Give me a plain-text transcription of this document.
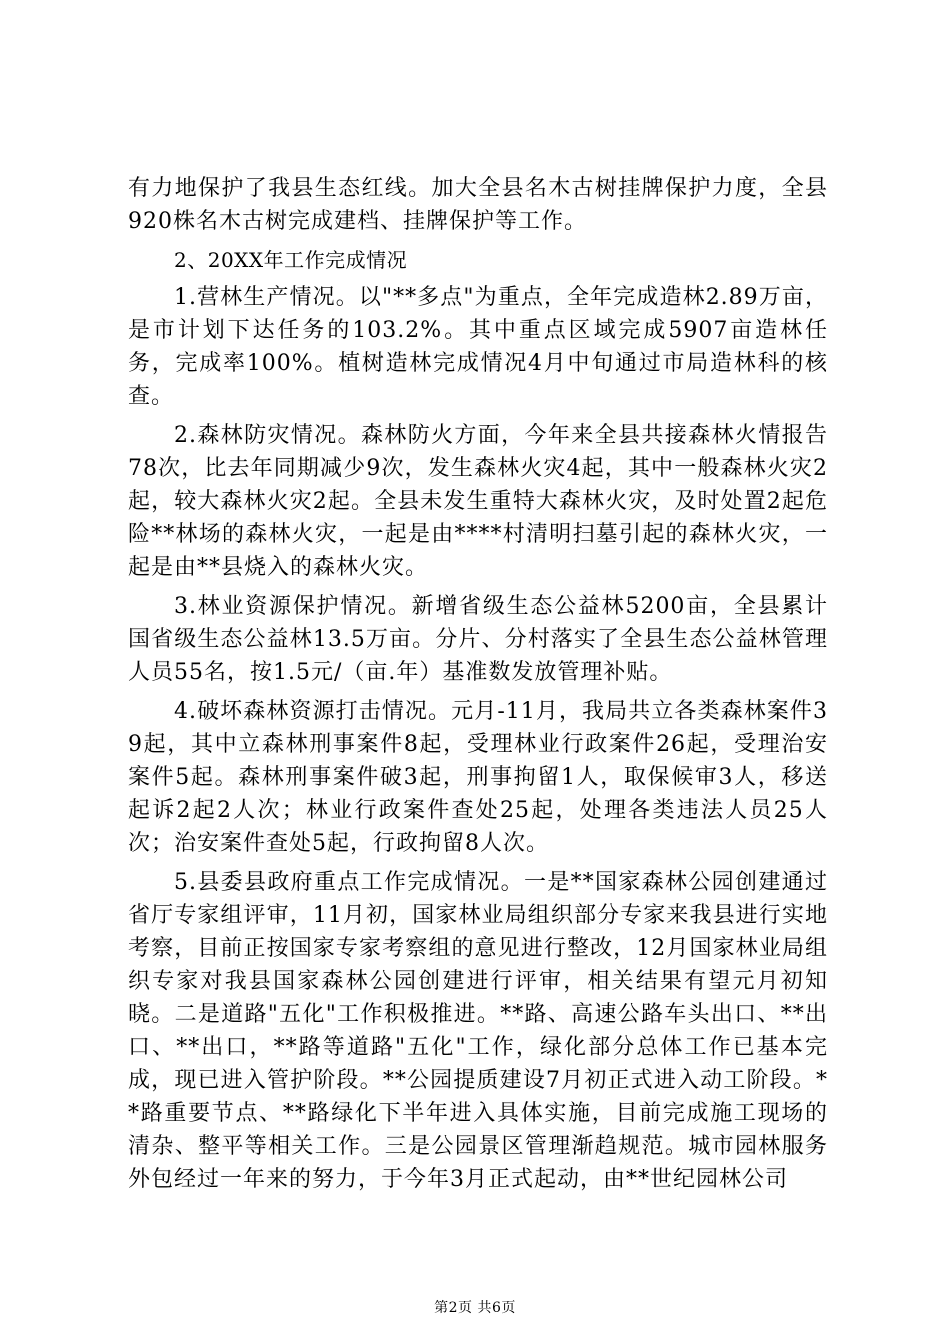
有力地保护了我县生态红线。加大全县名木古树挂牌保护力度，全县920株名木古树完成建档、挂牌保护等工作。

2、20XX年工作完成情况

1.营林生产情况。以"**多点"为重点，全年完成造林2.89万亩，是市计划下达任务的103.2%。其中重点区域完成5907亩造林任务，完成率100%。植树造林完成情况4月中旬通过市局造林科的核查。

2.森林防灾情况。森林防火方面，今年来全县共接森林火情报告78次，比去年同期减少9次，发生森林火灾4起，其中一般森林火灾2起，较大森林火灾2起。全县未发生重特大森林火灾，及时处置2起危险**林场的森林火灾，一起是由****村清明扫墓引起的森林火灾，一起是由**县烧入的森林火灾。

3.林业资源保护情况。新增省级生态公益林5200亩，全县累计国省级生态公益林13.5万亩。分片、分村落实了全县生态公益林管理人员55名，按1.5元/（亩.年）基准数发放管理补贴。

4.破坏森林资源打击情况。元月-11月，我局共立各类森林案件39起，其中立森林刑事案件8起，受理林业行政案件26起，受理治安案件5起。森林刑事案件破3起，刑事拘留1人，取保候审3人，移送起诉2起2人次；林业行政案件查处25起，处理各类违法人员25人次；治安案件查处5起，行政拘留8人次。

5.县委县政府重点工作完成情况。一是**国家森林公园创建通过省厅专家组评审，11月初，国家林业局组织部分专家来我县进行实地考察，目前正按国家专家考察组的意见进行整改，12月国家林业局组织专家对我县国家森林公园创建进行评审，相关结果有望元月初知晓。二是道路"五化"工作积极推进。**路、高速公路车头出口、**出口、**出口，**路等道路"五化"工作，绿化部分总体工作已基本完成，现已进入管护阶段。**公园提质建设7月初正式进入动工阶段。**路重要节点、**路绿化下半年进入具体实施，目前完成施工现场的清杂、整平等相关工作。三是公园景区管理渐趋规范。城市园林服务外包经过一年来的努力，于今年3月正式起动，由**世纪园林公司

第2页 共6页
